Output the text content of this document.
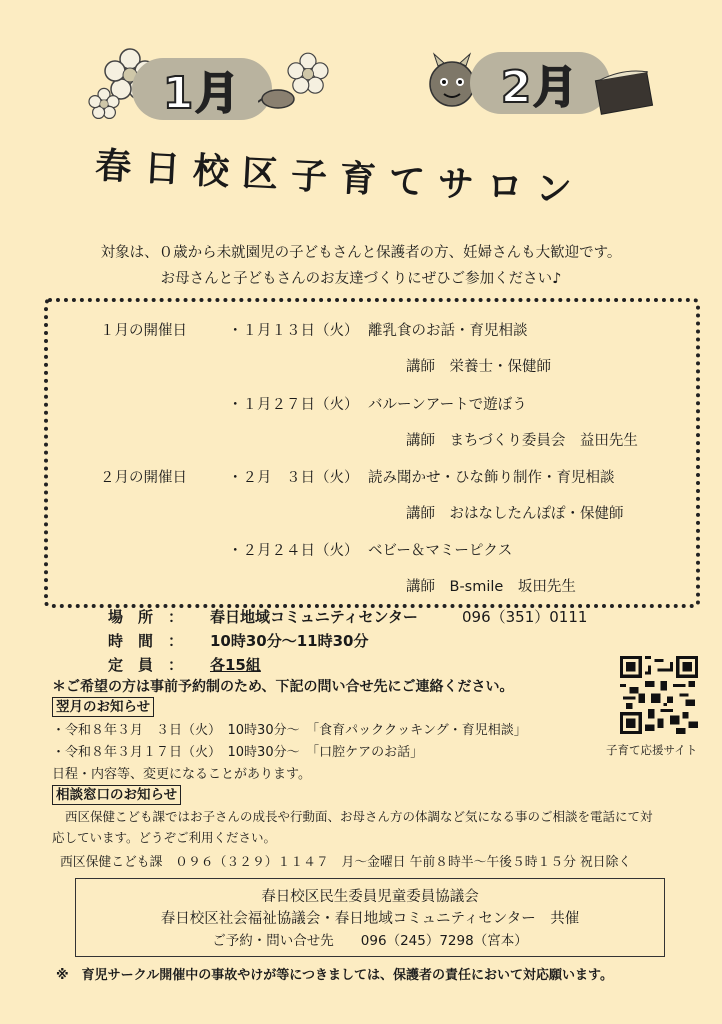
1月	2月
春日校区子育てサロン
対象は、０歳から未就園児の子どもさんと保護者の方、妊婦さんも大歓迎です。
お母さんと子どもさんのお友達づくりにぜひご参加ください♪
１月の開催日	・１月１３日（火） 離乳食のお話・育児相談
講師　栄養士・保健師
・１月２７日（火） バルーンアートで遊ぼう
講師　まちづくり委員会　益田先生
２月の開催日	・２月　３日（火） 読み聞かせ・ひな飾り制作・育児相談
講師　おはなしたんぽぽ・保健師
・２月２４日（火） ベビー＆マミーピクス
講師　B-smile　坂田先生
場　所　： 春日地域コミュニティセンター	096（351）0111
時　間　： 10時30分～11時30分
定　員　： 各15組
＊ご希望の方は事前予約制のため、下記の問い合せ先にご連絡ください。
翌月のお知らせ
・令和８年３月　３日（火）　10時30分～　「食育パッククッキング・育児相談」
・令和８年３月１７日（火）　10時30分～　「口腔ケアのお話」
日程・内容等、変更になることがあります。
子育て応援サイト
相談窓口のお知らせ
西区保健こども課ではお子さんの成長や行動面、お母さん方の体調など気になる事のご相談を電話にて対
応しています。どうぞご利用ください。
西区保健こども課　０９６（３２９）１１４７　月～金曜日 午前８時半～午後５時１５分 祝日除く
春日校区民生委員児童委員協議会
春日校区社会福祉協議会・春日地域コミュニティセンター　共催
ご予約・問い合せ先　　096（245）7298（宮本）
※　育児サークル開催中の事故やけが等につきましては、保護者の責任において対応願います。
